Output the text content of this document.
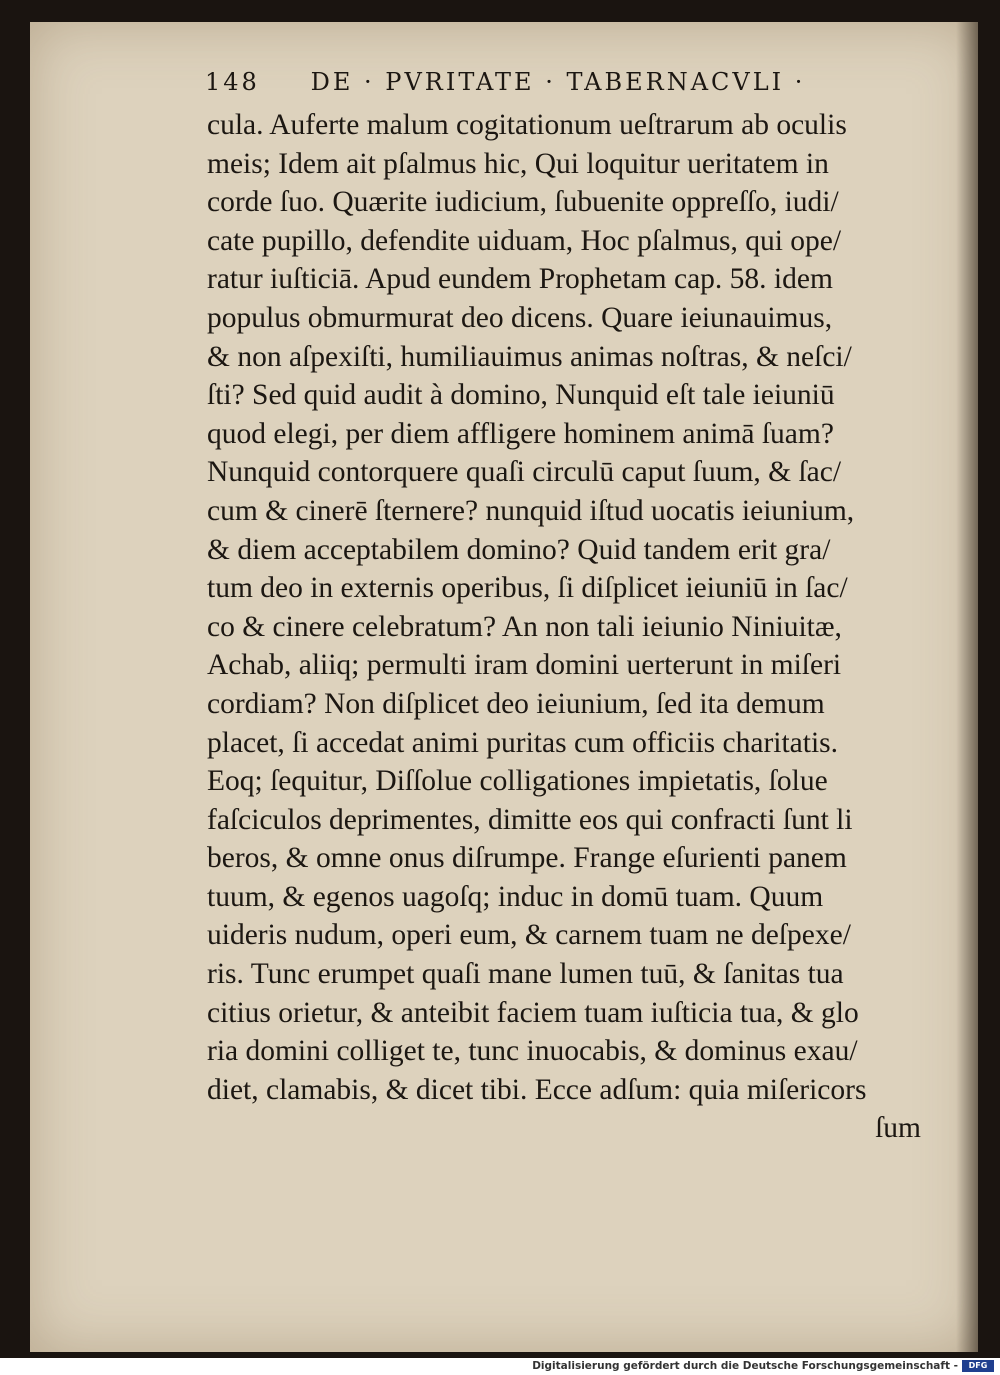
148 DE · PVRITATE · TABERNACVLI ·
cula. Auferte malum cogitationum ueſtrarum ab oculis
meis; Idem ait pſalmus hic, Qui loquitur ueritatem in
corde ſuo. Quærite iudicium, ſubuenite oppreſſo, iudi/
cate pupillo, defendite uiduam, Hoc pſalmus, qui ope/
ratur iuſticiā. Apud eundem Prophetam cap. 58. idem
populus obmurmurat deo dicens. Quare ieiunauimus,
& non aſpexiſti, humiliauimus animas noſtras, & neſci/
ſti? Sed quid audit à domino, Nunquid eſt tale ieiuniū
quod elegi, per diem affligere hominem animā ſuam?
Nunquid contorquere quaſi circulū caput ſuum, & ſac/
cum & cinerē ſternere? nunquid iſtud uocatis ieiunium,
& diem acceptabilem domino? Quid tandem erit gra/
tum deo in externis operibus, ſi diſplicet ieiuniū in ſac/
co & cinere celebratum? An non tali ieiunio Niniuitæ,
Achab, aliiq; permulti iram domini uerterunt in miſeri
cordiam? Non diſplicet deo ieiunium, ſed ita demum
placet, ſi accedat animi puritas cum officiis charitatis.
Eoq; ſequitur, Diſſolue colligationes impietatis, ſolue
faſciculos deprimentes, dimitte eos qui confracti ſunt li
beros, & omne onus diſrumpe. Frange eſurienti panem
tuum, & egenos uagoſq; induc in domū tuam. Quum
uideris nudum, operi eum, & carnem tuam ne deſpexe/
ris. Tunc erumpet quaſi mane lumen tuū, & ſanitas tua
citius orietur, & anteibit faciem tuam iuſticia tua, & glo
ria domini colliget te, tunc inuocabis, & dominus exau/
diet, clamabis, & dicet tibi. Ecce adſum: quia miſericors
ſum
Digitalisierung gefördert durch die Deutsche Forschungsgemeinschaft -	DFG
